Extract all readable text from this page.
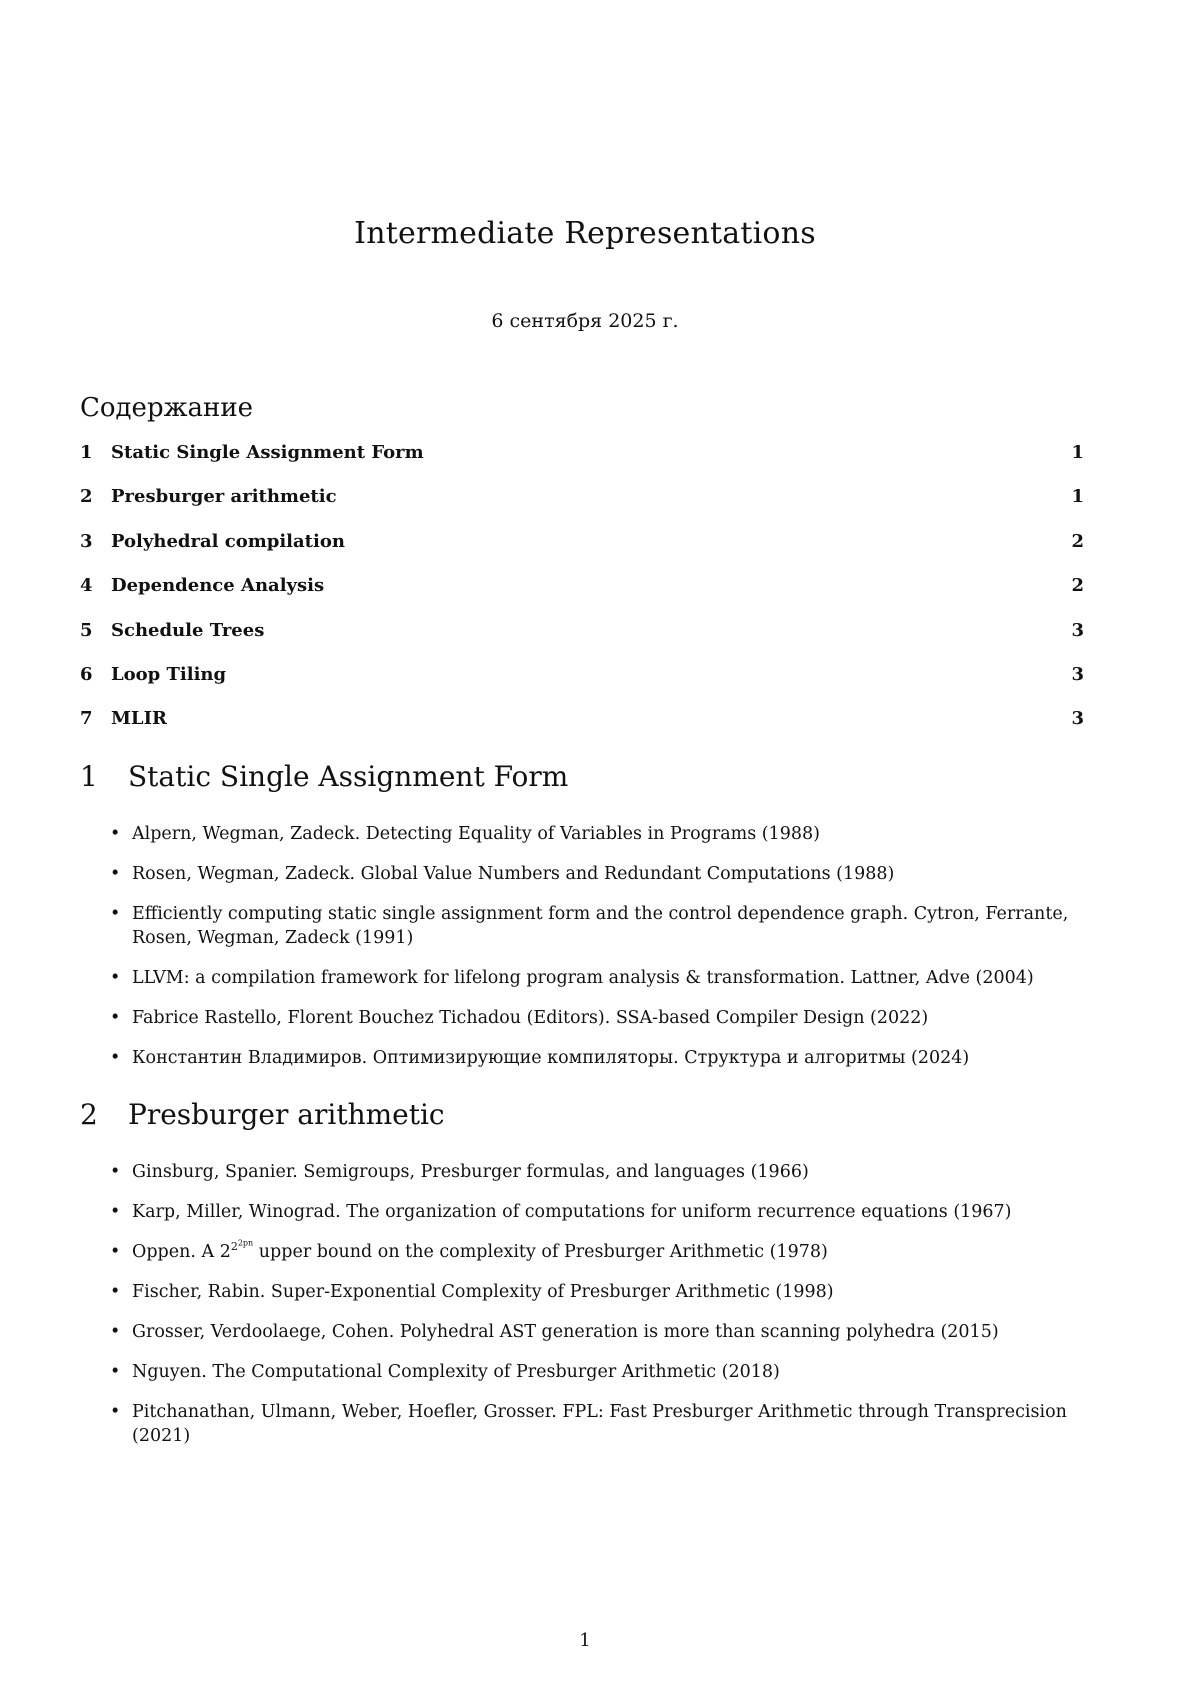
Intermediate Representations
6 сентября 2025 г.
Содержание
1	Static Single Assignment Form	1
2	Presburger arithmetic	1
3	Polyhedral compilation	2
4	Dependence Analysis	2
5	Schedule Trees	3
6	Loop Tiling	3
7	MLIR	3
1	Static Single Assignment Form
• Alpern, Wegman, Zadeck. Detecting Equality of Variables in Programs (1988)
• Rosen, Wegman, Zadeck. Global Value Numbers and Redundant Computations (1988)
• Efficiently computing static single assignment form and the control dependence graph. Cytron, Ferrante, Rosen, Wegman, Zadeck (1991)
• LLVM: a compilation framework for lifelong program analysis & transformation. Lattner, Adve (2004)
• Fabrice Rastello, Florent Bouchez Tichadou (Editors). SSA-based Compiler Design (2022)
• Константин Владимиров. Оптимизирующие компиляторы. Структура и алгоритмы (2024)
2	Presburger arithmetic
• Ginsburg, Spanier. Semigroups, Presburger formulas, and languages (1966)
• Karp, Miller, Winograd. The organization of computations for uniform recurrence equations (1967)
• Oppen. A $2^{2^{2pn}}$ upper bound on the complexity of Presburger Arithmetic (1978)
• Fischer, Rabin. Super-Exponential Complexity of Presburger Arithmetic (1998)
• Grosser, Verdoolaege, Cohen. Polyhedral AST generation is more than scanning polyhedra (2015)
• Nguyen. The Computational Complexity of Presburger Arithmetic (2018)
• Pitchanathan, Ulmann, Weber, Hoefler, Grosser. FPL: Fast Presburger Arithmetic through Transprecision (2021)
1
